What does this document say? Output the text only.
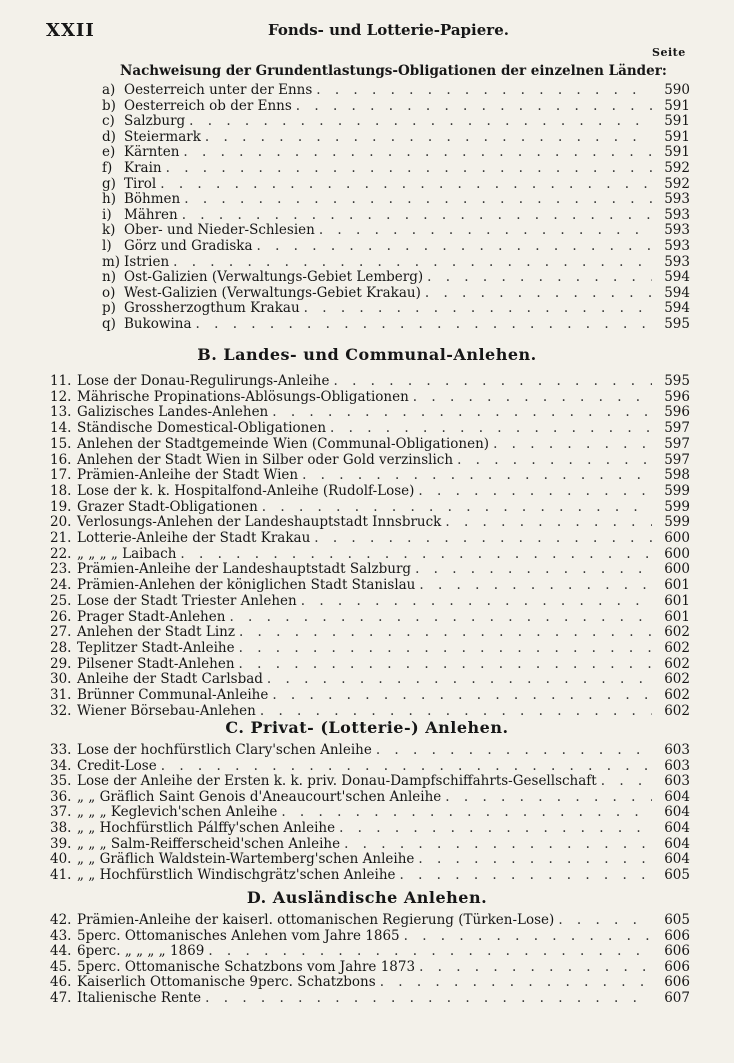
XXII	Fonds- und Lotterie-Papiere.
Seite
Nachweisung der Grundentlastungs-Obligationen der einzelnen Länder:
a) Oesterreich unter der Enns . . .	590
b) Oesterreich ob der Enns . . .	591
c) Salzburg . . .	591
d) Steiermark . . .	591
e) Kärnten . . .	591
f) Krain . . .	592
g) Tirol . . .	592
h) Böhmen . . .	593
i) Mähren . . .	593
k) Ober- und Nieder-Schlesien . . .	593
l) Görz und Gradiska . . .	593
m) Istrien . . .	593
n) Ost-Galizien (Verwaltungs-Gebiet Lemberg) . . .	594
o) West-Galizien (Verwaltungs-Gebiet Krakau) . . .	594
p) Grossherzogthum Krakau . . .	594
q) Bukowina . . .	595
B. Landes- und Communal-Anlehen.
11. Lose der Donau-Regulirungs-Anleihe . . .	595
12. Mährische Propinations-Ablösungs-Obligationen . . .	596
13. Galizisches Landes-Anlehen . . .	596
14. Ständische Domestical-Obligationen . . .	597
15. Anlehen der Stadtgemeinde Wien (Communal-Obligationen) . . .	597
16. Anlehen der Stadt Wien in Silber oder Gold verzinslich . . .	597
17. Prämien-Anleihe der Stadt Wien . . .	598
18. Lose der k. k. Hospitalfond-Anleihe (Rudolf-Lose) . . .	599
19. Grazer Stadt-Obligationen . . .	599
20. Verlosungs-Anlehen der Landeshauptstadt Innsbruck . . .	599
21. Lotterie-Anleihe der Stadt Krakau . . .	600
22. „ „ „ „ Laibach . . .	600
23. Prämien-Anleihe der Landeshauptstadt Salzburg . . .	600
24. Prämien-Anlehen der königlichen Stadt Stanislau . . .	601
25. Lose der Stadt Triester Anlehen . . .	601
26. Prager Stadt-Anlehen . . .	601
27. Anlehen der Stadt Linz . . .	602
28. Teplitzer Stadt-Anleihe . . .	602
29. Pilsener Stadt-Anlehen . . .	602
30. Anleihe der Stadt Carlsbad . . .	602
31. Brünner Communal-Anleihe . . .	602
32. Wiener Börsebau-Anlehen . . .	602
C. Privat- (Lotterie-) Anlehen.
33. Lose der hochfürstlich Clary'schen Anleihe . . .	603
34. Credit-Lose . . .	603
35. Lose der Anleihe der Ersten k. k. priv. Donau-Dampfschiffahrts-Gesellschaft . . .	603
36. „ „ Gräflich Saint Genois d'Aneaucourt'schen Anleihe . . .	604
37. „ „ „ Keglevich'schen Anleihe . . .	604
38. „ „ Hochfürstlich Pálffy'schen Anleihe . . .	604
39. „ „ „ Salm-Reifferscheid'schen Anleihe . . .	604
40. „ „ Gräflich Waldstein-Wartemberg'schen Anleihe . . .	604
41. „ „ Hochfürstlich Windischgrätz'schen Anleihe . . .	605
D. Ausländische Anlehen.
42. Prämien-Anleihe der kaiserl. ottomanischen Regierung (Türken-Lose) . . .	605
43. 5perc. Ottomanisches Anlehen vom Jahre 1865 . . .	606
44. 6perc. „ „ „ „ 1869 . . .	606
45. 5perc. Ottomanische Schatzbons vom Jahre 1873 . . .	606
46. Kaiserlich Ottomanische 9perc. Schatzbons . . .	606
47. Italienische Rente . . .	607
